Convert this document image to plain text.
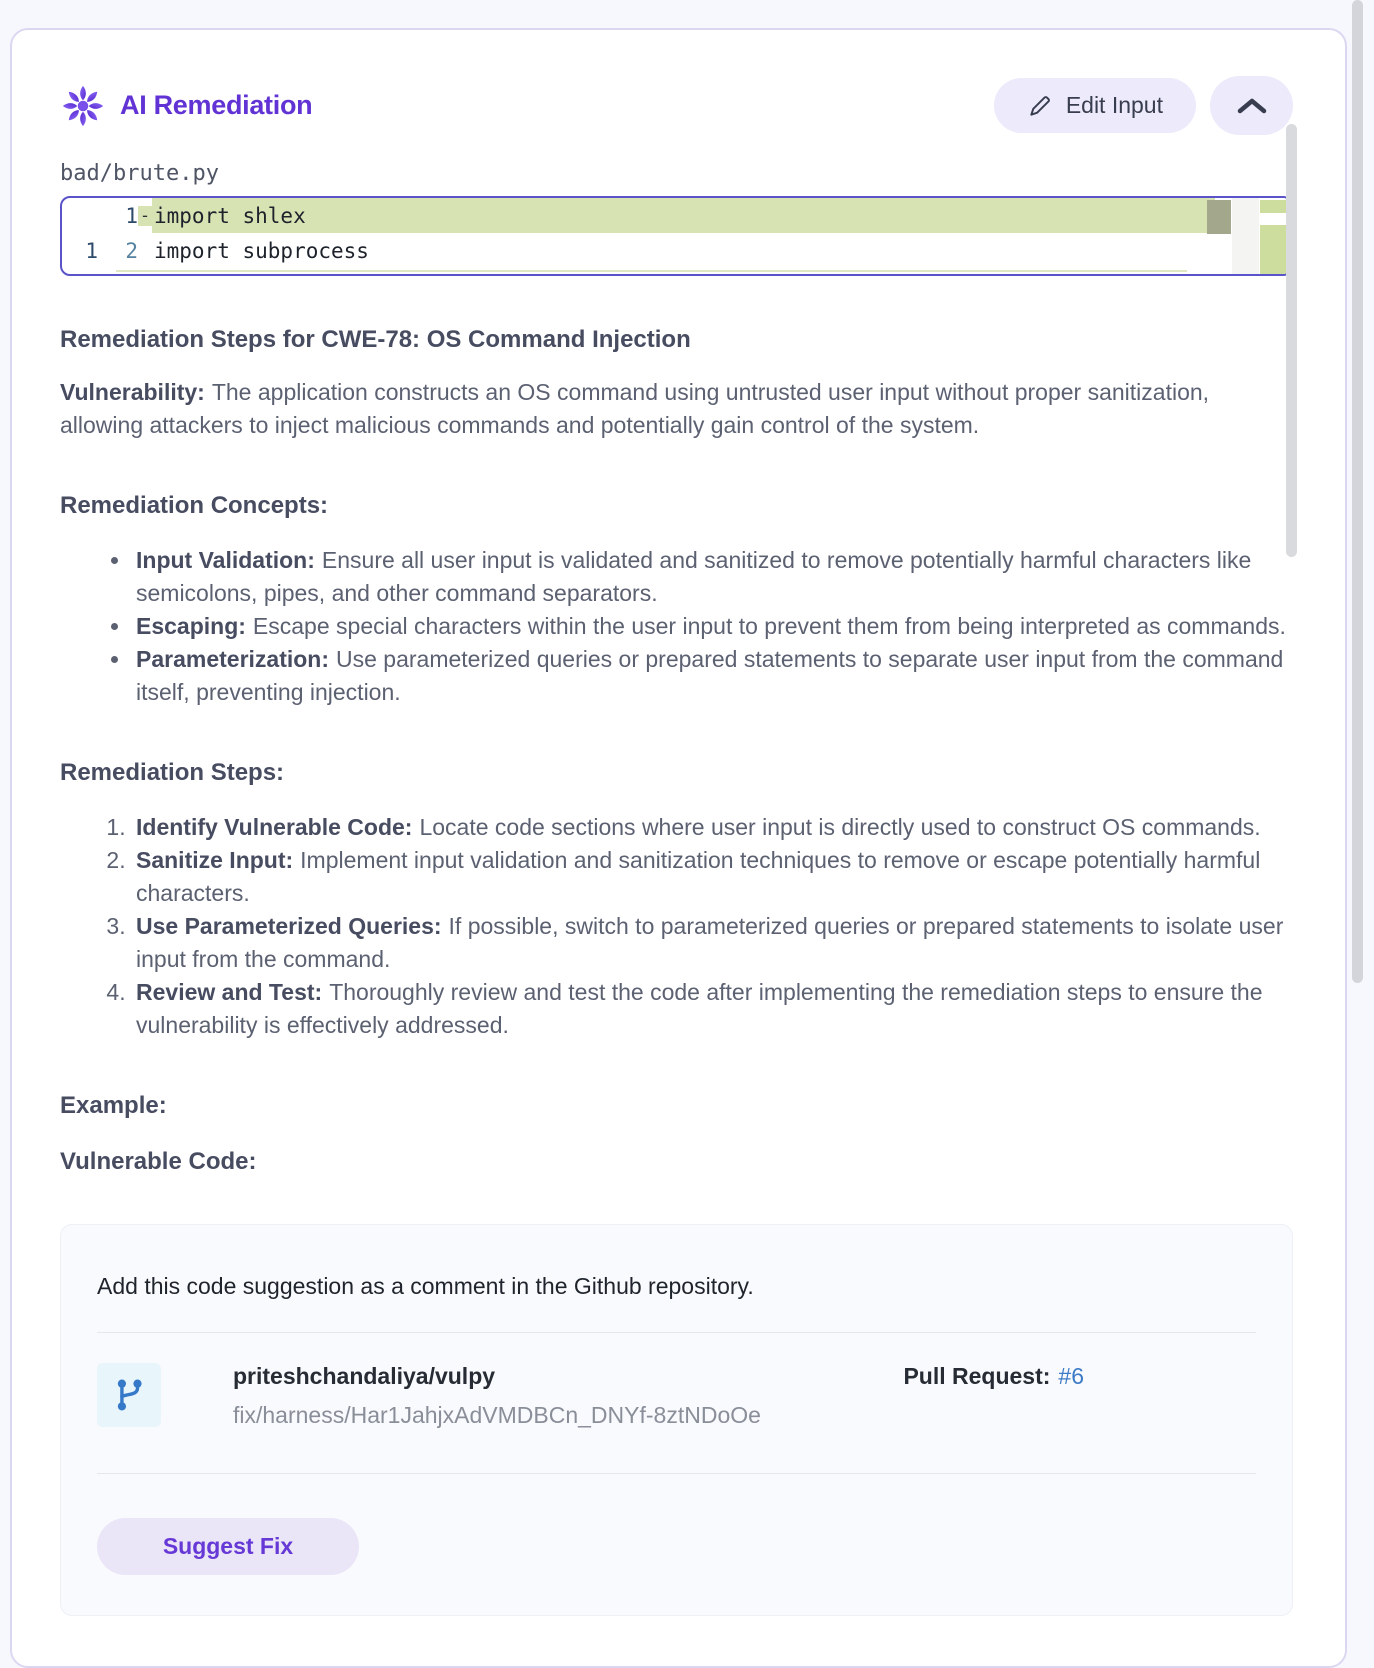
AI Remediation	Edit Input
bad/brute.py
1 - import shlex
1	2 import subprocess
Remediation Steps for CWE-78: OS Command Injection

Vulnerability: The application constructs an OS command using untrusted user input without proper sanitization, allowing attackers to inject malicious commands and potentially gain control of the system.

Remediation Concepts:
• Input Validation: Ensure all user input is validated and sanitized to remove potentially harmful characters like semicolons, pipes, and other command separators.
• Escaping: Escape special characters within the user input to prevent them from being interpreted as commands.
• Parameterization: Use parameterized queries or prepared statements to separate user input from the command itself, preventing injection.
Remediation Steps:
1. Identify Vulnerable Code: Locate code sections where user input is directly used to construct OS commands.
2. Sanitize Input: Implement input validation and sanitization techniques to remove or escape potentially harmful characters.
3. Use Parameterized Queries: If possible, switch to parameterized queries or prepared statements to isolate user input from the command.
4. Review and Test: Thoroughly review and test the code after implementing the remediation steps to ensure the vulnerability is effectively addressed.
Example:
Vulnerable Code:
Add this code suggestion as a comment in the Github repository.
priteshchandaliya/vulpy
fix/harness/Har1JahjxAdVMDBCn_DNYf-8ztNDoOe
Pull Request: #6
Suggest Fix
